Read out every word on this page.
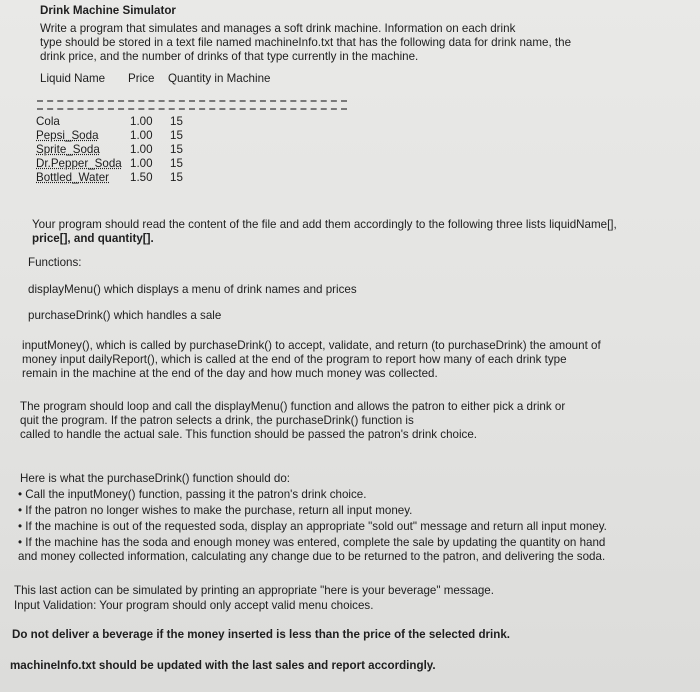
Drink Machine Simulator
Write a program that simulates and manages a soft drink machine. Information on each drink
type should be stored in a text file named machineInfo.txt that has the following data for drink name, the
drink price, and the number of drinks of that type currently in the machine.
Liquid Name Price Quantity in Machine
Cola	1.00 15
Pepsi_Soda	1.00 15
Sprite_Soda	1.00 15
Dr.Pepper_Soda 1.00 15
Bottled_Water 1.50 15
Your program should read the content of the file and add them accordingly to the following three lists liquidName[],
price[], and quantity[].
Functions:
displayMenu() which displays a menu of drink names and prices
purchaseDrink() which handles a sale
inputMoney(), which is called by purchaseDrink() to accept, validate, and return (to purchaseDrink) the amount of
money input dailyReport(), which is called at the end of the program to report how many of each drink type
remain in the machine at the end of the day and how much money was collected.
The program should loop and call the displayMenu() function and allows the patron to either pick a drink or
quit the program. If the patron selects a drink, the purchaseDrink() function is
called to handle the actual sale. This function should be passed the patron's drink choice.
Here is what the purchaseDrink() function should do:
• Call the inputMoney() function, passing it the patron's drink choice.
• If the patron no longer wishes to make the purchase, return all input money.
• If the machine is out of the requested soda, display an appropriate "sold out" message and return all input money.
• If the machine has the soda and enough money was entered, complete the sale by updating the quantity on hand
and money collected information, calculating any change due to be returned to the patron, and delivering the soda.
This last action can be simulated by printing an appropriate "here is your beverage" message.
Input Validation: Your program should only accept valid menu choices.
Do not deliver a beverage if the money inserted is less than the price of the selected drink.
machineInfo.txt should be updated with the last sales and report accordingly.
